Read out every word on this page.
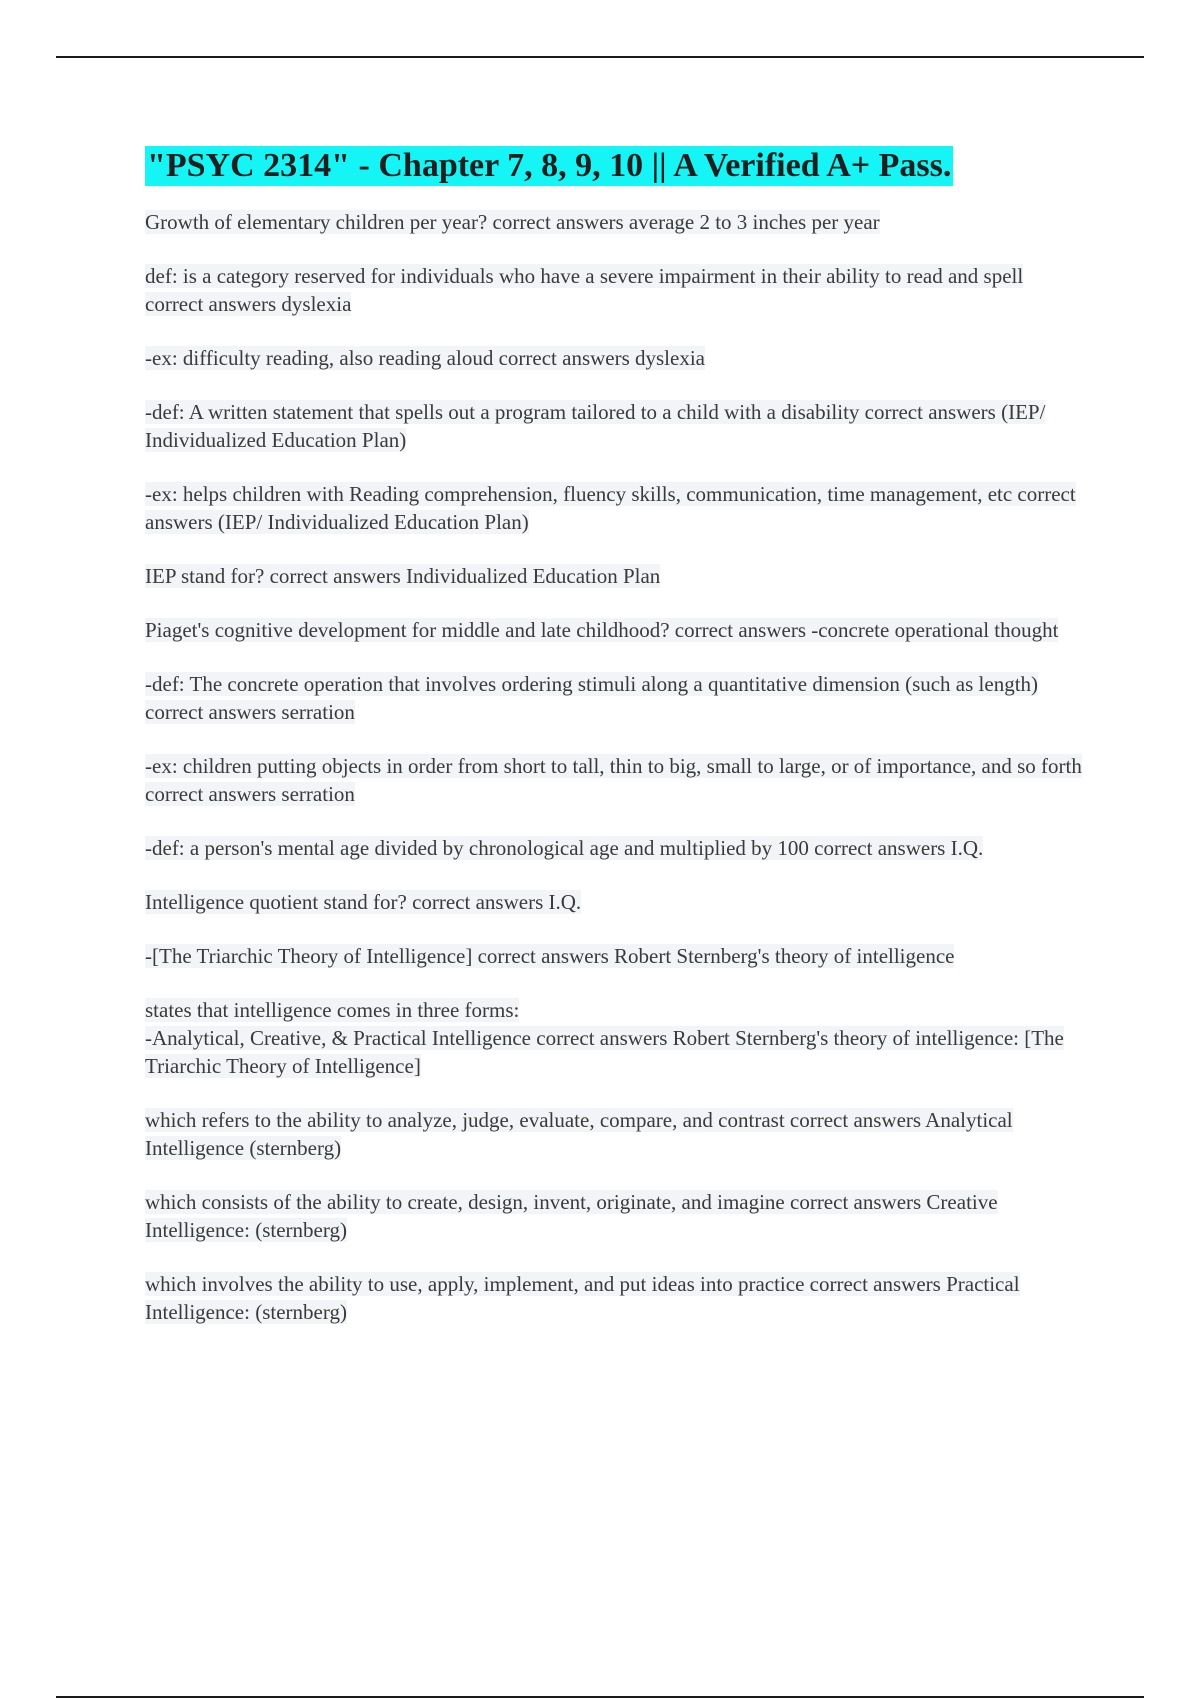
"PSYC 2314" - Chapter 7, 8, 9, 10 || A Verified A+ Pass.
Growth of elementary children per year? correct answers average 2 to 3 inches per year
def: is a category reserved for individuals who have a severe impairment in their ability to read and spell correct answers dyslexia
-ex: difficulty reading, also reading aloud correct answers dyslexia
-def: A written statement that spells out a program tailored to a child with a disability correct answers (IEP/ Individualized Education Plan)
-ex: helps children with Reading comprehension, fluency skills, communication, time management, etc correct answers (IEP/ Individualized Education Plan)
IEP stand for? correct answers Individualized Education Plan
Piaget's cognitive development for middle and late childhood? correct answers -concrete operational thought
-def: The concrete operation that involves ordering stimuli along a quantitative dimension (such as length) correct answers serration
-ex: children putting objects in order from short to tall, thin to big, small to large, or of importance, and so forth correct answers serration
-def: a person's mental age divided by chronological age and multiplied by 100 correct answers I.Q.
Intelligence quotient stand for? correct answers I.Q.
-[The Triarchic Theory of Intelligence] correct answers Robert Sternberg's theory of intelligence
states that intelligence comes in three forms:
-Analytical, Creative, & Practical Intelligence correct answers Robert Sternberg's theory of intelligence: [The Triarchic Theory of Intelligence]
which refers to the ability to analyze, judge, evaluate, compare, and contrast correct answers Analytical Intelligence (sternberg)
which consists of the ability to create, design, invent, originate, and imagine correct answers Creative Intelligence: (sternberg)
which involves the ability to use, apply, implement, and put ideas into practice correct answers Practical Intelligence: (sternberg)
